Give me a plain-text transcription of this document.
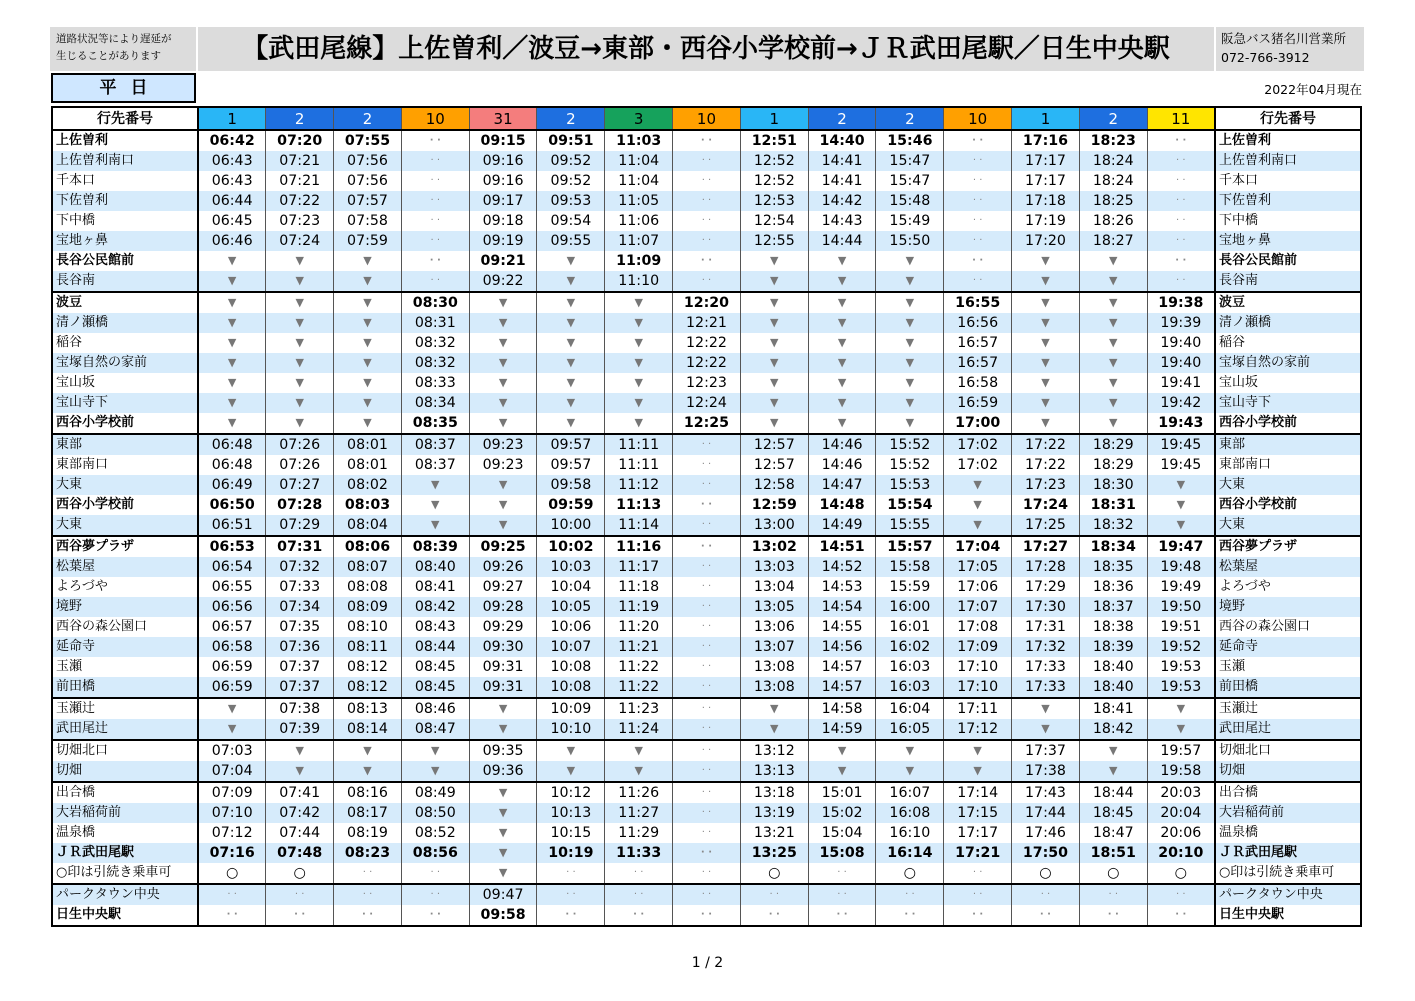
道路状況等により遅延が
生じることがあります	【武田尾線】上佐曽利／波豆→東部・西谷小学校前→ＪＲ武田尾駅／日生中央駅	阪急バス猪名川営業所
072-766-3912
平日	2022年04月現在
行先番号	1	2	2	10	31	2	3	10	1	2	2	10	1	2	11	行先番号
上佐曽利	06:42	07:20	07:55	· ·	09:15	09:51	11:03	· ·	12:51	14:40	15:46	· ·	17:16	18:23	· ·	上佐曽利
上佐曽利南口	06:43	07:21	07:56	· ·	09:16	09:52	11:04	· ·	12:52	14:41	15:47	· ·	17:17	18:24	· ·	上佐曽利南口
千本口	06:43	07:21	07:56	· ·	09:16	09:52	11:04	· ·	12:52	14:41	15:47	· ·	17:17	18:24	· ·	千本口
下佐曽利	06:44	07:22	07:57	· ·	09:17	09:53	11:05	· ·	12:53	14:42	15:48	· ·	17:18	18:25	· ·	下佐曽利
下中橋	06:45	07:23	07:58	· ·	09:18	09:54	11:06	· ·	12:54	14:43	15:49	· ·	17:19	18:26	· ·	下中橋
宝地ヶ鼻	06:46	07:24	07:59	· ·	09:19	09:55	11:07	· ·	12:55	14:44	15:50	· ·	17:20	18:27	· ·	宝地ヶ鼻
長谷公民館前	▼	▼	▼	· ·	09:21	▼	11:09	· ·	▼	▼	▼	· ·	▼	▼	· ·	長谷公民館前
長谷南	▼	▼	▼	· ·	09:22	▼	11:10	· ·	▼	▼	▼	· ·	▼	▼	· ·	長谷南
波豆	▼	▼	▼	08:30	▼	▼	▼	12:20	▼	▼	▼	16:55	▼	▼	19:38	波豆
清ノ瀬橋	▼	▼	▼	08:31	▼	▼	▼	12:21	▼	▼	▼	16:56	▼	▼	19:39	清ノ瀬橋
稲谷	▼	▼	▼	08:32	▼	▼	▼	12:22	▼	▼	▼	16:57	▼	▼	19:40	稲谷
宝塚自然の家前	▼	▼	▼	08:32	▼	▼	▼	12:22	▼	▼	▼	16:57	▼	▼	19:40	宝塚自然の家前
宝山坂	▼	▼	▼	08:33	▼	▼	▼	12:23	▼	▼	▼	16:58	▼	▼	19:41	宝山坂
宝山寺下	▼	▼	▼	08:34	▼	▼	▼	12:24	▼	▼	▼	16:59	▼	▼	19:42	宝山寺下
西谷小学校前	▼	▼	▼	08:35	▼	▼	▼	12:25	▼	▼	▼	17:00	▼	▼	19:43	西谷小学校前
東部	06:48	07:26	08:01	08:37	09:23	09:57	11:11	· ·	12:57	14:46	15:52	17:02	17:22	18:29	19:45	東部
東部南口	06:48	07:26	08:01	08:37	09:23	09:57	11:11	· ·	12:57	14:46	15:52	17:02	17:22	18:29	19:45	東部南口
大東	06:49	07:27	08:02	▼	▼	09:58	11:12	· ·	12:58	14:47	15:53	▼	17:23	18:30	▼	大東
西谷小学校前	06:50	07:28	08:03	▼	▼	09:59	11:13	· ·	12:59	14:48	15:54	▼	17:24	18:31	▼	西谷小学校前
大東	06:51	07:29	08:04	▼	▼	10:00	11:14	· ·	13:00	14:49	15:55	▼	17:25	18:32	▼	大東
西谷夢プラザ	06:53	07:31	08:06	08:39	09:25	10:02	11:16	· ·	13:02	14:51	15:57	17:04	17:27	18:34	19:47	西谷夢プラザ
松葉屋	06:54	07:32	08:07	08:40	09:26	10:03	11:17	· ·	13:03	14:52	15:58	17:05	17:28	18:35	19:48	松葉屋
よろづや	06:55	07:33	08:08	08:41	09:27	10:04	11:18	· ·	13:04	14:53	15:59	17:06	17:29	18:36	19:49	よろづや
境野	06:56	07:34	08:09	08:42	09:28	10:05	11:19	· ·	13:05	14:54	16:00	17:07	17:30	18:37	19:50	境野
西谷の森公園口	06:57	07:35	08:10	08:43	09:29	10:06	11:20	· ·	13:06	14:55	16:01	17:08	17:31	18:38	19:51	西谷の森公園口
延命寺	06:58	07:36	08:11	08:44	09:30	10:07	11:21	· ·	13:07	14:56	16:02	17:09	17:32	18:39	19:52	延命寺
玉瀬	06:59	07:37	08:12	08:45	09:31	10:08	11:22	· ·	13:08	14:57	16:03	17:10	17:33	18:40	19:53	玉瀬
前田橋	06:59	07:37	08:12	08:45	09:31	10:08	11:22	· ·	13:08	14:57	16:03	17:10	17:33	18:40	19:53	前田橋
玉瀬辻	▼	07:38	08:13	08:46	▼	10:09	11:23	· ·	▼	14:58	16:04	17:11	▼	18:41	▼	玉瀬辻
武田尾辻	▼	07:39	08:14	08:47	▼	10:10	11:24	· ·	▼	14:59	16:05	17:12	▼	18:42	▼	武田尾辻
切畑北口	07:03	▼	▼	▼	09:35	▼	▼	· ·	13:12	▼	▼	▼	17:37	▼	19:57	切畑北口
切畑	07:04	▼	▼	▼	09:36	▼	▼	· ·	13:13	▼	▼	▼	17:38	▼	19:58	切畑
出合橋	07:09	07:41	08:16	08:49	▼	10:12	11:26	· ·	13:18	15:01	16:07	17:14	17:43	18:44	20:03	出合橋
大岩稲荷前	07:10	07:42	08:17	08:50	▼	10:13	11:27	· ·	13:19	15:02	16:08	17:15	17:44	18:45	20:04	大岩稲荷前
温泉橋	07:12	07:44	08:19	08:52	▼	10:15	11:29	· ·	13:21	15:04	16:10	17:17	17:46	18:47	20:06	温泉橋
ＪＲ武田尾駅	07:16	07:48	08:23	08:56	▼	10:19	11:33	· ·	13:25	15:08	16:14	17:21	17:50	18:51	20:10	ＪＲ武田尾駅
○印は引続き乗車可	○	○	· ·	· ·	▼	· ·	· ·	· ·	○	· ·	○	· ·	○	○	○	○印は引続き乗車可
パークタウン中央	· ·	· ·	· ·	· ·	09:47	· ·	· ·	· ·	· ·	· ·	· ·	· ·	· ·	· ·	· ·	パークタウン中央
日生中央駅	· ·	· ·	· ·	· ·	09:58	· ·	· ·	· ·	· ·	· ·	· ·	· ·	· ·	· ·	· ·	日生中央駅
1 / 2
